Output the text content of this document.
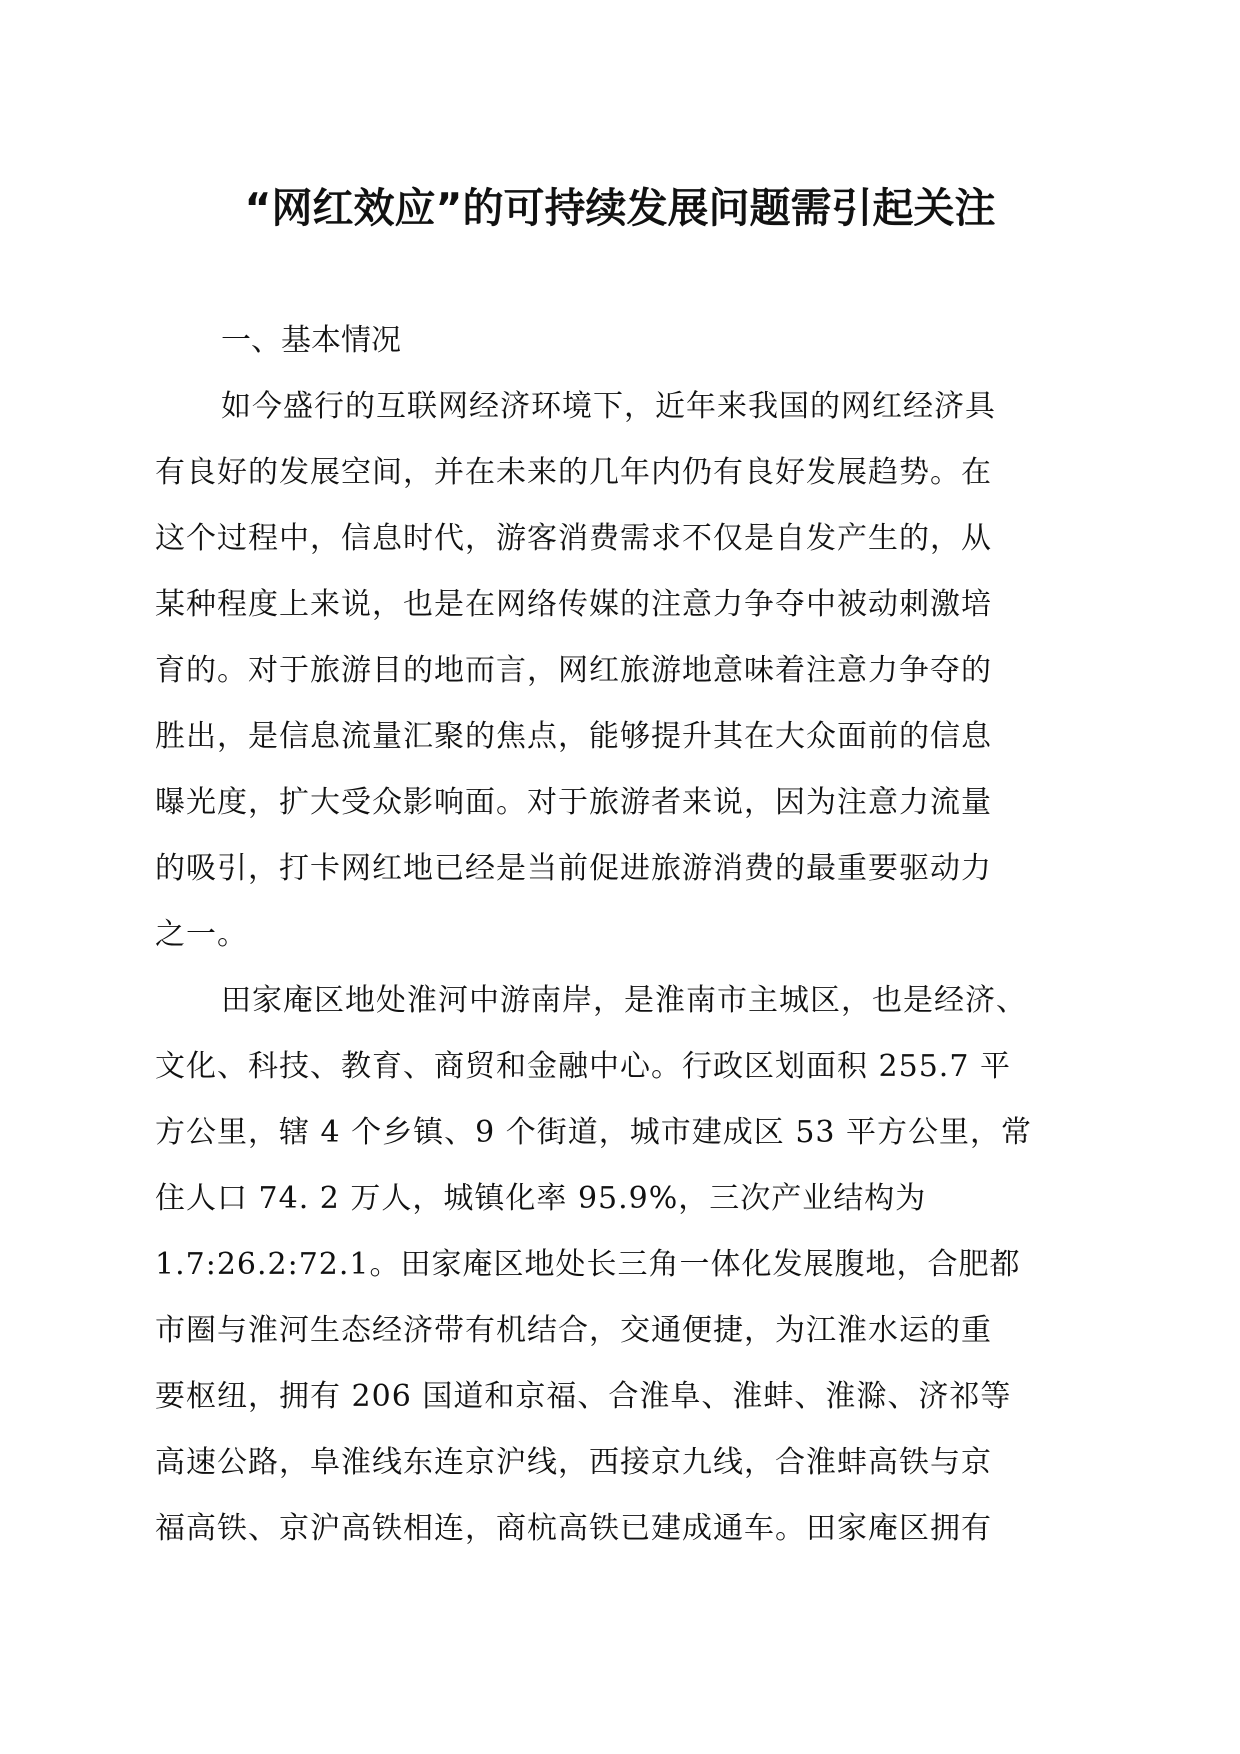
“网红效应”的可持续发展问题需引起关注

一、基本情况

如今盛行的互联网经济环境下，近年来我国的网红经济具
有良好的发展空间，并在未来的几年内仍有良好发展趋势。在
这个过程中，信息时代，游客消费需求不仅是自发产生的，从
某种程度上来说，也是在网络传媒的注意力争夺中被动刺激培
育的。对于旅游目的地而言，网红旅游地意味着注意力争夺的
胜出，是信息流量汇聚的焦点，能够提升其在大众面前的信息
曝光度，扩大受众影响面。对于旅游者来说，因为注意力流量
的吸引，打卡网红地已经是当前促进旅游消费的最重要驱动力
之一。

田家庵区地处淮河中游南岸，是淮南市主城区，也是经济、
文化、科技、教育、商贸和金融中心。行政区划面积 255.7 平
方公里，辖 4 个乡镇、9 个街道，城市建成区 53 平方公里，常
住人口 74. 2 万人，城镇化率 95.9%，三次产业结构为
1.7:26.2:72.1。田家庵区地处长三角一体化发展腹地，合肥都
市圈与淮河生态经济带有机结合，交通便捷，为江淮水运的重
要枢纽，拥有 206 国道和京福、合淮阜、淮蚌、淮滁、济祁等
高速公路，阜淮线东连京沪线，西接京九线，合淮蚌高铁与京
福高铁、京沪高铁相连，商杭高铁已建成通车。田家庵区拥有
